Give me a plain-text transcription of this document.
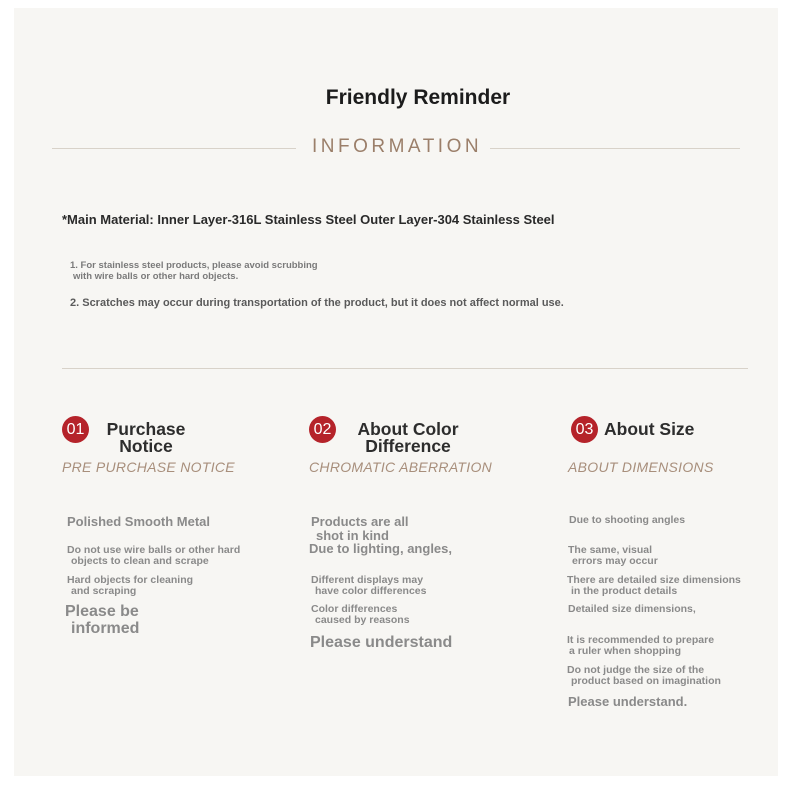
Friendly Reminder
INFORMATION
*Main Material: Inner Layer-316L Stainless Steel Outer Layer-304 Stainless Steel
1. For stainless steel products, please avoid scrubbing
with wire balls or other hard objects.
2. Scratches may occur during transportation of the product, but it does not affect normal use.
01	Purchase
Notice
PRE PURCHASE NOTICE
Polished Smooth Metal
Do not use wire balls or other hard
objects to clean and scrape
Hard objects for cleaning
and scraping
Please be
informed
02	About Color
Difference
CHROMATIC ABERRATION
Products are all
shot in kind
Due to lighting, angles,
Different displays may
have color differences
Color differences
caused by reasons
Please understand
03 About Size
ABOUT DIMENSIONS
Due to shooting angles
The same, visual
errors may occur
There are detailed size dimensions
in the product details
Detailed size dimensions,
It is recommended to prepare
a ruler when shopping
Do not judge the size of the
product based on imagination
Please understand.
